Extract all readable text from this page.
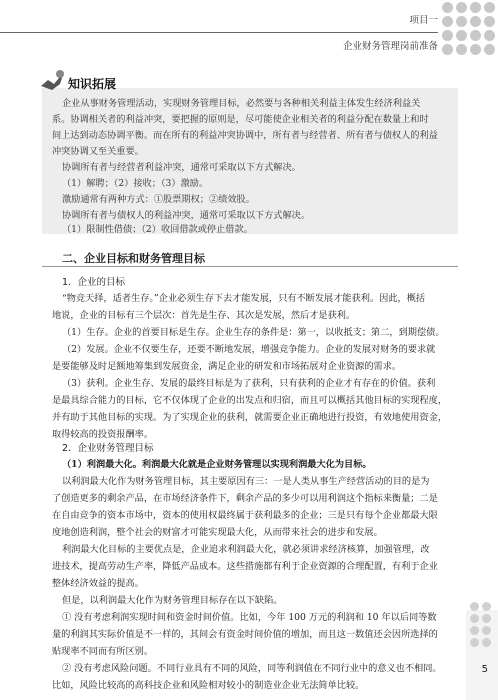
项目一
企业财务管理岗前准备
知识拓展
企业从事财务管理活动，实现财务管理目标，必然要与各种相关利益主体发生经济利益关
系。协调相关者的利益冲突，要把握的原则是，尽可能使企业相关者的利益分配在数量上和时
间上达到动态协调平衡。而在所有的利益冲突协调中，所有者与经营者、所有者与债权人的利益
冲突协调又至关重要。
协调所有者与经营者利益冲突，通常可采取以下方式解决。
（1）解聘；（2）接收；（3）激励。
激励通常有两种方式：①股票期权；②绩效股。
协调所有者与债权人的利益冲突，通常可采取以下方式解决。
（1）限制性借债；（2）收回借款或停止借款。
二、企业目标和财务管理目标
1．企业的目标
“物竞天择，适者生存。”企业必须生存下去才能发展，只有不断发展才能获利。因此，概括
地说，企业的目标有三个层次：首先是生存、其次是发展，然后才是获利。
（1）生存。企业的首要目标是生存。企业生存的条件是：第一，以收抵支；第二，到期偿债。
（2）发展。企业不仅要生存，还要不断地发展，增强竞争能力。企业的发展对财务的要求就
是要能够及时足额地筹集到发展资金，满足企业的研发和市场拓展对企业资源的需求。
（3）获利。企业生存、发展的最终目标是为了获利，只有获利的企业才有存在的价值。获利
是最具综合能力的目标，它不仅体现了企业的出发点和归宿，而且可以概括其他目标的实现程度，
并有助于其他目标的实现。为了实现企业的获利，就需要企业正确地进行投资，有效地使用资金，
取得较高的投资报酬率。
2．企业财务管理目标
（1）利润最大化。利润最大化就是企业财务管理以实现利润最大化为目标。
以利润最大化作为财务管理目标，其主要原因有三：一是人类从事生产经营活动的目的是为
了创造更多的剩余产品，在市场经济条件下，剩余产品的多少可以用利润这个指标来衡量；二是
在自由竞争的资本市场中，资本的使用权最终属于获利最多的企业；三是只有每个企业都最大限
度地创造利润，整个社会的财富才可能实现最大化，从而带来社会的进步和发展。
利润最大化目标的主要优点是，企业追求利润最大化，就必须讲求经济核算，加强管理，改
进技术，提高劳动生产率，降低产品成本。这些措施都有利于企业资源的合理配置，有利于企业
整体经济效益的提高。
但是，以利润最大化作为财务管理目标存在以下缺陷。
① 没有考虑利润实现时间和资金时间价值。比如，今年 100 万元的利润和 10 年以后同等数
量的利润其实际价值是不一样的，其间会有资金时间价值的增加，而且这一数值还会因所选择的
贴现率不同而有所区别。
② 没有考虑风险问题。不同行业具有不同的风险，同等利润值在不同行业中的意义也不相同。
比如，风险比较高的高科技企业和风险相对较小的制造业企业无法简单比较。
5
